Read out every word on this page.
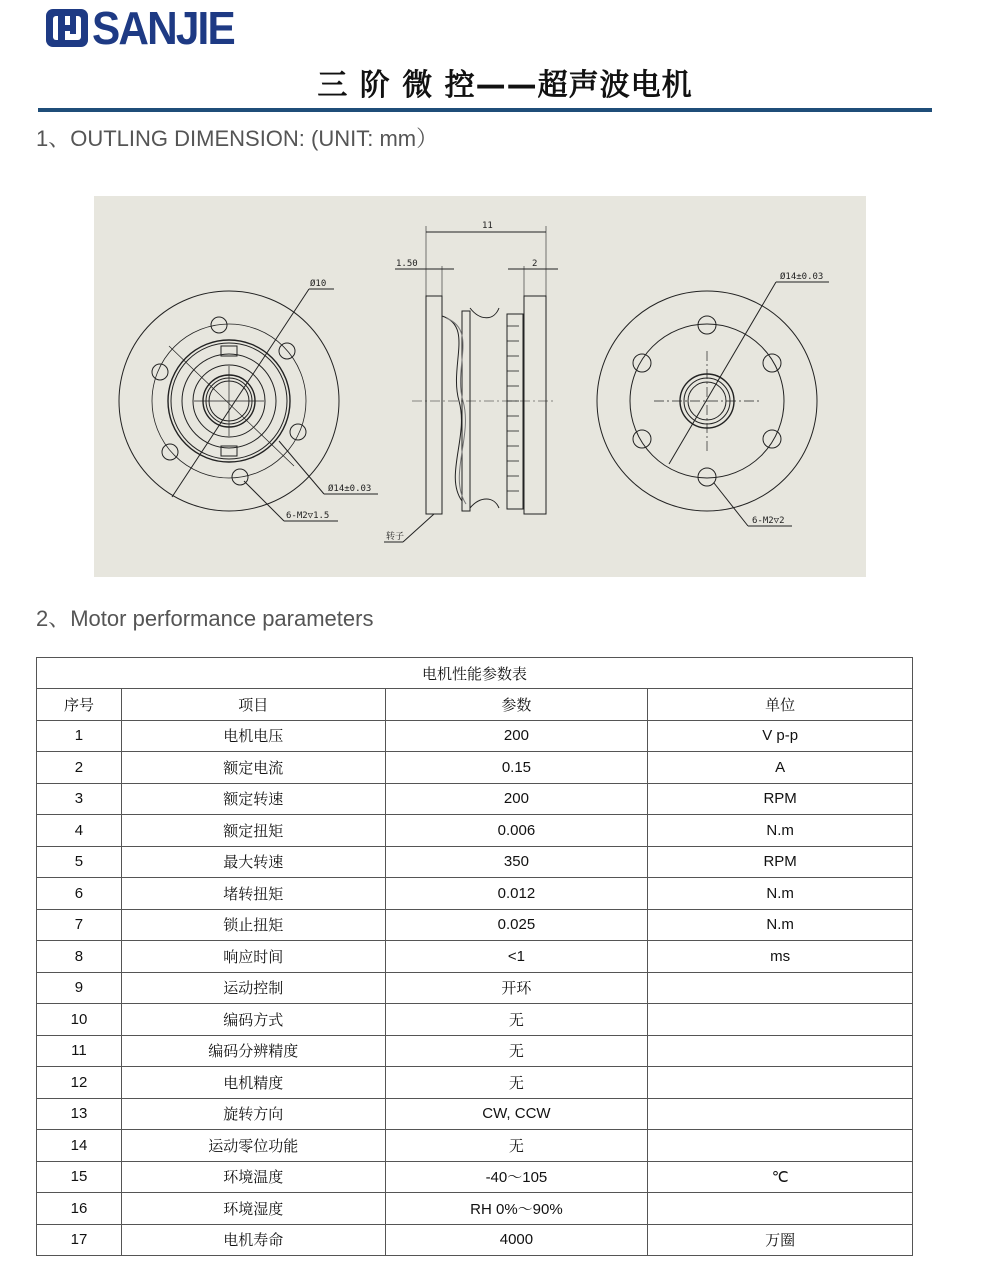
SANJIE
三 阶 微 控——超声波电机
1、OUTLING DIMENSION: (UNIT: mm）
Ø10
Ø14±0.03
6-M2▽1.5
11
1.50	2
转子
Ø14±0.03
6-M2▽2
2、Motor performance parameters
电机性能参数表			
序号	项目	参数	单位
1	电机电压	200	V p-p
2	额定电流	0.15	A
3	额定转速	200	RPM
4	额定扭矩	0.006	N.m
5	最大转速	350	RPM
6	堵转扭矩	0.012	N.m
7	锁止扭矩	0.025	N.m
8	响应时间	<1	ms
9	运动控制	开环	
10	编码方式	无	
11	编码分辨精度	无	
12	电机精度	无	
13	旋转方向	CW, CCW	
14	运动零位功能	无	
15	环境温度	-40～105	℃
16	环境湿度	RH 0%～90%	
17	电机寿命	4000	万圈
